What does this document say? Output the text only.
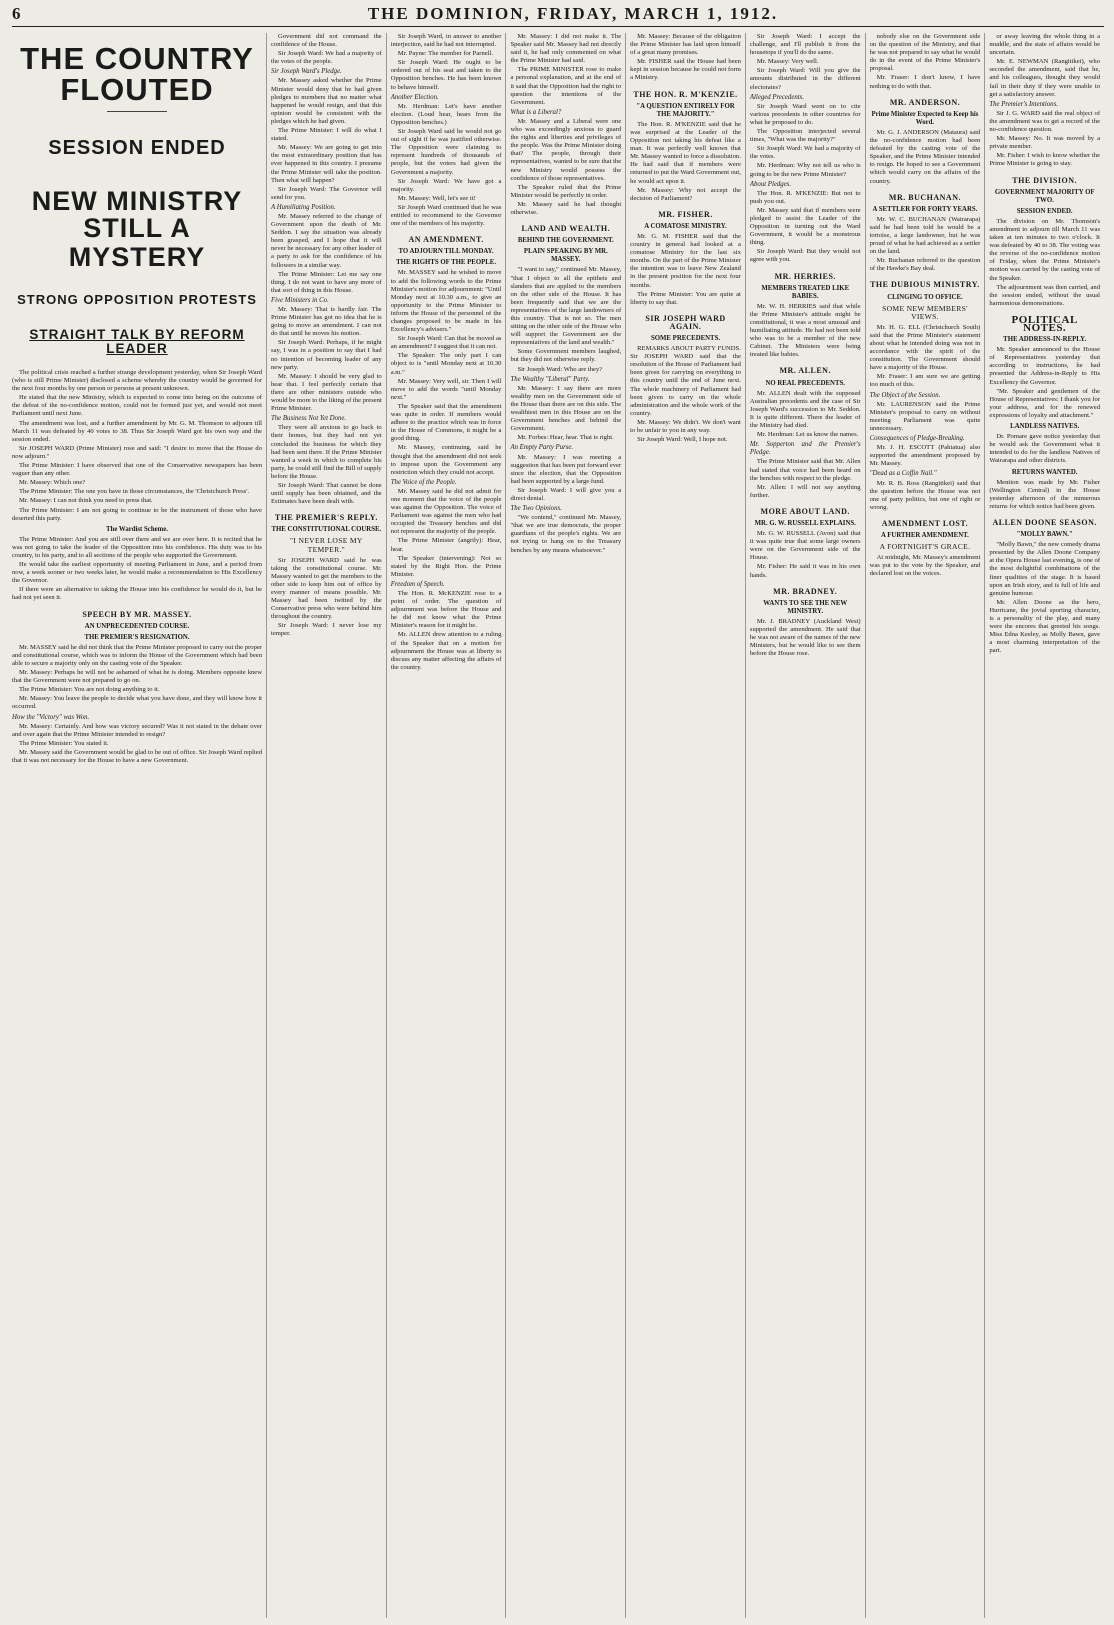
6	THE DOMINION, FRIDAY, MARCH 1, 1912.
THE COUNTRY FLOUTED
SESSION ENDED
NEW MINISTRY STILL A
MYSTERY
STRONG OPPOSITION PROTESTS
STRAIGHT TALK BY REFORM LEADER

The political crisis reached a further strange development yesterday, when Sir Joseph Ward (who is still Prime Minister) disclosed a scheme whereby the country would be governed for the next four months by one person or persons at present unknown.

He stated that the new Ministry, which is expected to come into being on the outcome of the defeat of the no-confidence motion, could not be formed just yet, and would not meet Parliament until next June.

The amendment was lost, and a further amendment by Mr. G. M. Thomson to adjourn till March 11 was defeated by 40 votes to 38. Thus Sir Joseph Ward got his own way and the session ended.

Sir JOSEPH WARD (Prime Minister) rose and said: "I desire to move that the House do now adjourn."

The Prime Minister: I have observed that one of the Conservative newspapers has been vaguer than any other.

Mr. Massey: Which one?

The Prime Minister: The one you have in those circumstances, the 'Christchurch Press'.

Mr. Massey: I can not think you need to press that.

The Prime Minister: I am not going to continue to be the instrument of those who have deserted this party.

The Wardist Scheme.

The Prime Minister: And you are still over there and we are over here. It is recited that he was not going to take the leader of the Opposition into his confidence. His duty was to his country, to his party, and to all sections of the people who supported the Government.

He would take the earliest opportunity of meeting Parliament in June, and a period from now, a week sooner or two weeks later, he would make a recommendation to His Excellency the Governor.

If there were an alternative to taking the House into his confidence he would do it, but he had not yet seen it.

SPEECH BY MR. MASSEY.
AN UNPRECEDENTED COURSE.
THE PREMIER'S RESIGNATION.

Mr. MASSEY said he did not think that the Prime Minister proposed to carry out the proper and constitutional course, which was to inform the House of the Government which had been able to secure a majority only on the casting vote of the Speaker.

Mr. Massey: Perhaps he will not be ashamed of what he is doing. Members opposite knew that the Government were not prepared to go on.

The Prime Minister: You are not doing anything to it.

Mr. Massey: You leave the people to decide what you have done, and they will know how it occurred.

How the "Victory" was Won.

Mr. Massey: Certainly. And how was victory secured? Was it not stated in the debate over and over again that the Prime Minister intended to resign?

The Prime Minister: You stated it.

Mr. Massey said the Government would be glad to be out of office. Sir Joseph Ward replied that it was not necessary for the House to have a new Government.

Government did not command the confidence of the House.

Sir Joseph Ward: We had a majority of the votes of the people.

Sir Joseph Ward's Pledge.

Mr. Massey asked whether the Prime Minister would deny that he had given pledges to members that no matter what happened he would resign, and that this opinion would be consistent with the pledges which he had given.

The Prime Minister: I will do what I stated.

Mr. Massey: We are going to get into the most extraordinary position that has ever happened in this country. I presume the Prime Minister will take the position. Then what will happen?

Sir Joseph Ward: The Governor will send for you.

A Humiliating Position.

Mr. Massey referred to the change of Government upon the death of Mr. Seddon. I say the situation was already been grasped, and I hope that it will never be necessary for any other leader of a party to ask for the confidence of his followers in a similar way.

The Prime Minister: Let me say one thing. I do not want to have any more of that sort of thing in this House.

Five Ministers in Co.

Mr. Massey: That is hardly fair. The Prime Minister has got no idea that he is going to move an amendment. I can not do that until he moves his motion.

Sir Joseph Ward: Perhaps, if he might say, I was in a position to say that I had no intention of becoming leader of any new party.

Mr. Massey: I should be very glad to hear that. I feel perfectly certain that there are other ministers outside who would be more to the liking of the present Prime Minister.

The Business Not Yet Done.

They were all anxious to go back to their homes, but they had not yet concluded the business for which they had been sent there. If the Prime Minister wanted a week in which to complete his party, he could still find the Bill of supply before the House.

Sir Joseph Ward: That cannot be done until supply has been obtained, and the Estimates have been dealt with.

THE PREMIER'S REPLY.
THE CONSTITUTIONAL COURSE.
"I NEVER LOSE MY TEMPER."

Sir JOSEPH WARD said he was taking the constitutional course. Mr. Massey wanted to get the members to the other side to keep him out of office by every manner of means possible. Mr. Massey had been twitted by the Conservative press who were behind him throughout the country.

Sir Joseph Ward: I never lose my temper.

Sir Joseph Ward, in answer to another interjection, said he had not interrupted.

Mr. Payne: The member for Parnell.

Sir Joseph Ward: He ought to be ordered out of his seat and taken to the Opposition benches. He has been known to behave himself.

Another Election.

Mr. Herdman: Let's have another election. (Loud hear, hears from the Opposition benches.)

Sir Joseph Ward said he would not go out of sight if he was justified otherwise. The Opposition were claiming to represent hundreds of thousands of people, but the voters had given the Government a majority.

Sir Joseph Ward: We have got a majority.

Mr. Massey: Well, let's see it!

Sir Joseph Ward continued that he was entitled to recommend to the Governor one of the members of his majority.

AN AMENDMENT.
TO ADJOURN TILL MONDAY.
THE RIGHTS OF THE PEOPLE.

Mr. MASSEY said he wished to move to add the following words to the Prime Minister's motion for adjournment: "Until Monday next at 10.30 a.m., to give an opportunity to the Prime Minister to inform the House of the personnel of the changes proposed to be made in his Excellency's advisers."

Sir Joseph Ward: Can that be moved as an amendment? I suggest that it can not.

The Speaker: The only part I can object to is "until Monday next at 10.30 a.m."

Mr. Massey: Very well, sir. Then I will move to add the words "until Monday next."

The Speaker said that the amendment was quite in order. If members would adhere to the practice which was in force in the House of Commons, it might be a good thing.

Mr. Massey, continuing, said he thought that the amendment did not seek to impose upon the Government any restriction which they could not accept.

The Voice of the People.

Mr. Massey said he did not admit for one moment that the voice of the people was against the Opposition. The voice of Parliament was against the men who had occupied the Treasury benches and did not represent the majority of the people.

The Prime Minister (angrily): Hear, hear.

The Speaker (intervening): Not so stated by the Right Hon. the Prime Minister.

Freedom of Speech.

The Hon. R. McKENZIE rose to a point of order. The question of adjournment was before the House and he did not know what the Prime Minister's reason for it might be.

Mr. ALLEN drew attention to a ruling of the Speaker that on a motion for adjournment the House was at liberty to discuss any matter affecting the affairs of the country.

Mr. Massey: I did not make it. The Speaker said Mr. Massey had not directly said it, he had only commented on what the Prime Minister had said.

The PRIME MINISTER rose to make a personal explanation, and at the end of it said that the Opposition had the right to question the intentions of the Government.

What is a Liberal?

Mr. Massey and a Liberal were one who was exceedingly anxious to guard the rights and liberties and privileges of the people. Was the Prime Minister doing that? The people, through their representatives, wanted to be sure that the new Ministry would possess the confidence of those representatives.

The Speaker ruled that the Prime Minister would be perfectly in order.

Mr. Massey said he had thought otherwise.

LAND AND WEALTH.
BEHIND THE GOVERNMENT.
PLAIN SPEAKING BY MR. MASSEY.

"I want to say," continued Mr. Massey, "that I object to all the epithets and slanders that are applied to the members on the other side of the House. It has been frequently said that we are the representatives of the large landowners of this country. That is not so. The men sitting on the other side of the House who will support the Government are the representatives of the land and wealth."

Some Government members laughed, but they did not otherwise reply.

Sir Joseph Ward: Who are they?

The Wealthy "Liberal" Party.

Mr. Massey: I say there are more wealthy men on the Government side of the House than there are on this side. The wealthiest men in this House are on the Government benches and behind the Government.

Mr. Forbes: Hear, hear. That is right.

An Empty Party Purse.

Mr. Massey: I was meeting a suggestion that has been put forward ever since the election, that the Opposition had been supported by a large fund.

Sir Joseph Ward: I will give you a direct denial.

The Two Opinions.

"We contend," continued Mr. Massey, "that we are true democrats, the proper guardians of the people's rights. We are not trying to hang on to the Treasury benches by any means whatsoever."

Mr. Massey: Because of the obligation the Prime Minister has laid upon himself of a great many promises.

Mr. FISHER said the House had been kept in session because he could not form a Ministry.

THE HON. R. M'KENZIE.
"A QUESTION ENTIRELY FOR THE MAJORITY."

The Hon. R. M'KENZIE said that he was surprised at the Leader of the Opposition not taking his defeat like a man. It was perfectly well known that Mr. Massey wanted to force a dissolution. He had said that if members were returned to put the Ward Government out, he would act upon it.

Mr. Massey: Why not accept the decision of Parliament?

MR. FISHER.
A COMATOSE MINISTRY.

Mr. G. M. FISHER said that the country in general had looked at a comatose Ministry for the last six months. On the part of the Prime Minister the intention was to leave New Zealand in the present position for the next four months.

The Prime Minister: You are quite at liberty to say that.

SIR JOSEPH WARD AGAIN.
SOME PRECEDENTS.

REMARKS ABOUT PARTY FUNDS. Sir JOSEPH WARD said that the resolution of the House of Parliament had been given for carrying on everything to this country until the end of June next. The whole machinery of Parliament had been given to carry on the whole administration and the whole work of the country.

Mr. Massey: We didn't. We don't want to be unfair to you in any way.

Sir Joseph Ward: Well, I hope not.

Sir Joseph Ward: I accept the challenge, and I'll publish it from the housetops if you'll do the same.

Mr. Massey: Very well.

Sir Joseph Ward: Will you give the amounts distributed in the different electorates?

Alleged Precedents.

Sir Joseph Ward went on to cite various precedents in other countries for what he proposed to do.

The Opposition interjected several times, "What was the majority?"

Sir Joseph Ward: We had a majority of the votes.

Mr. Herdman: Why not tell us who is going to be the new Prime Minister?

About Pledges.

The Hon. R. M'KENZIE: But not to push you out.

Mr. Massey said that if members were pledged to assist the Leader of the Opposition in turning out the Ward Government, it would be a monstrous thing.

Sir Joseph Ward: But they would not agree with you.

MR. HERRIES.
MEMBERS TREATED LIKE BABIES.

Mr. W. H. HERRIES said that while the Prime Minister's attitude might be constitutional, it was a most unusual and humiliating attitude. He had not been told who was to be a member of the new Cabinet. The Ministers were being treated like babies.

MR. ALLEN.
NO REAL PRECEDENTS.

Mr. ALLEN dealt with the supposed Australian precedents and the case of Sir Joseph Ward's succession to Mr. Seddon. It is quite different. There the leader of the Ministry had died.

Mr. Herdman: Let us know the names.

Mr. Sopperton and the Premier's Pledge.

The Prime Minister said that Mr. Allen had stated that voice had been heard on the benches with respect to the pledge.

Mr. Allen: I will not say anything further.

MORE ABOUT LAND.
MR. G. W. RUSSELL EXPLAINS.

Mr. G. W. RUSSELL (Avon) said that it was quite true that some large owners were on the Government side of the House.

Mr. Fisher: He said it was in his own hands.

MR. BRADNEY.
WANTS TO SEE THE NEW MINISTRY.

Mr. J. BRADNEY (Auckland West) supported the amendment. He said that he was not aware of the names of the new Ministers, but he would like to see them before the House rose.

nobody else on the Government side on the question of the Ministry, and that he was not prepared to say what he would do in the event of the Prime Minister's proposal.

Mr. Fraser: I don't know, I have nothing to do with that.

MR. ANDERSON.
Prime Minister Expected to Keep his Word.

Mr. G. J. ANDERSON (Mataura) said the no-confidence motion had been defeated by the casting vote of the Speaker, and the Prime Minister intended to resign. He hoped to see a Government which would carry on the affairs of the country.

MR. BUCHANAN.
A SETTLER FOR FORTY YEARS.

Mr. W. C. BUCHANAN (Wairarapa) said he had been told he would be a tortoise, a large landowner, but he was proud of what he had achieved as a settler on the land.

Mr. Buchanan referred to the question of the Hawke's Bay deal.

THE DUBIOUS MINISTRY.
CLINGING TO OFFICE.
SOME NEW MEMBERS' VIEWS.

Mr. H. G. ELL (Christchurch South) said that the Prime Minister's statement about what he intended doing was not in accordance with the spirit of the constitution. The Government should have a majority of the House.

Mr. Fraser: I am sure we are getting too much of this.

The Object of the Session.

Mr. LAURENSON said the Prime Minister's proposal to carry on without meeting Parliament was quite unnecessary.

Consequences of Pledge-Breaking.

Mr. J. H. ESCOTT (Pahiatua) also supported the amendment proposed by Mr. Massey.

"Dead as a Coffin Nail."

Mr. R. B. Ross (Rangitikei) said that the question before the House was not one of party politics, but one of right or wrong.

AMENDMENT LOST.
A FURTHER AMENDMENT.
A FORTNIGHT'S GRACE.

At midnight, Mr. Massey's amendment was put to the vote by the Speaker, and declared lost on the voices.

or away leaving the whole thing in a muddle, and the state of affairs would be uncertain.

Mr. E. NEWMAN (Rangitikei), who seconded the amendment, said that he, and his colleagues, thought they would fail in their duty if they were unable to get a satisfactory answer.

The Premier's Intentions.

Sir J. G. WARD said the real object of the amendment was to get a record of the no-confidence question.

Mr. Massey: No. It was moved by a private member.

Mr. Fisher: I wish to know whether the Prime Minister is going to stay.

THE DIVISION.
GOVERNMENT MAJORITY OF TWO.
SESSION ENDED.

The division on Mr. Thomson's amendment to adjourn till March 11 was taken at ten minutes to two o'clock. It was defeated by 40 to 38. The voting was the reverse of the no-confidence motion of Friday, when the Prime Minister's motion was carried by the casting vote of the Speaker.

The adjournment was then carried, and the session ended, without the usual harmonious demonstrations.

POLITICAL NOTES.
THE ADDRESS-IN-REPLY.

Mr. Speaker announced to the House of Representatives yesterday that according to instructions, he had presented the Address-in-Reply to His Excellency the Governor.

"Mr. Speaker and gentlemen of the House of Representatives: I thank you for your address, and for the renewed expressions of loyalty and attachment."

LANDLESS NATIVES.

Dr. Pomare gave notice yesterday that he would ask the Government what it intended to do for the landless Natives of Wairarapa and other districts.

RETURNS WANTED.

Mention was made by Mr. Fisher (Wellington Central) in the House yesterday afternoon of the numerous returns for which notice had been given.

ALLEN DOONE SEASON.
"MOLLY BAWN."

"Molly Bawn," the new comedy drama presented by the Allen Doone Company at the Opera House last evening, is one of the most delightful combinations of the finer qualities of the stage. It is based upon an Irish story, and is full of life and genuine humour.

Mr. Allen Doone as the hero, Hurricane, the jovial sporting character, is a personality of the play, and many were the encores that greeted his songs. Miss Edna Keeley, as Molly Bawn, gave a most charming interpretation of the part.
